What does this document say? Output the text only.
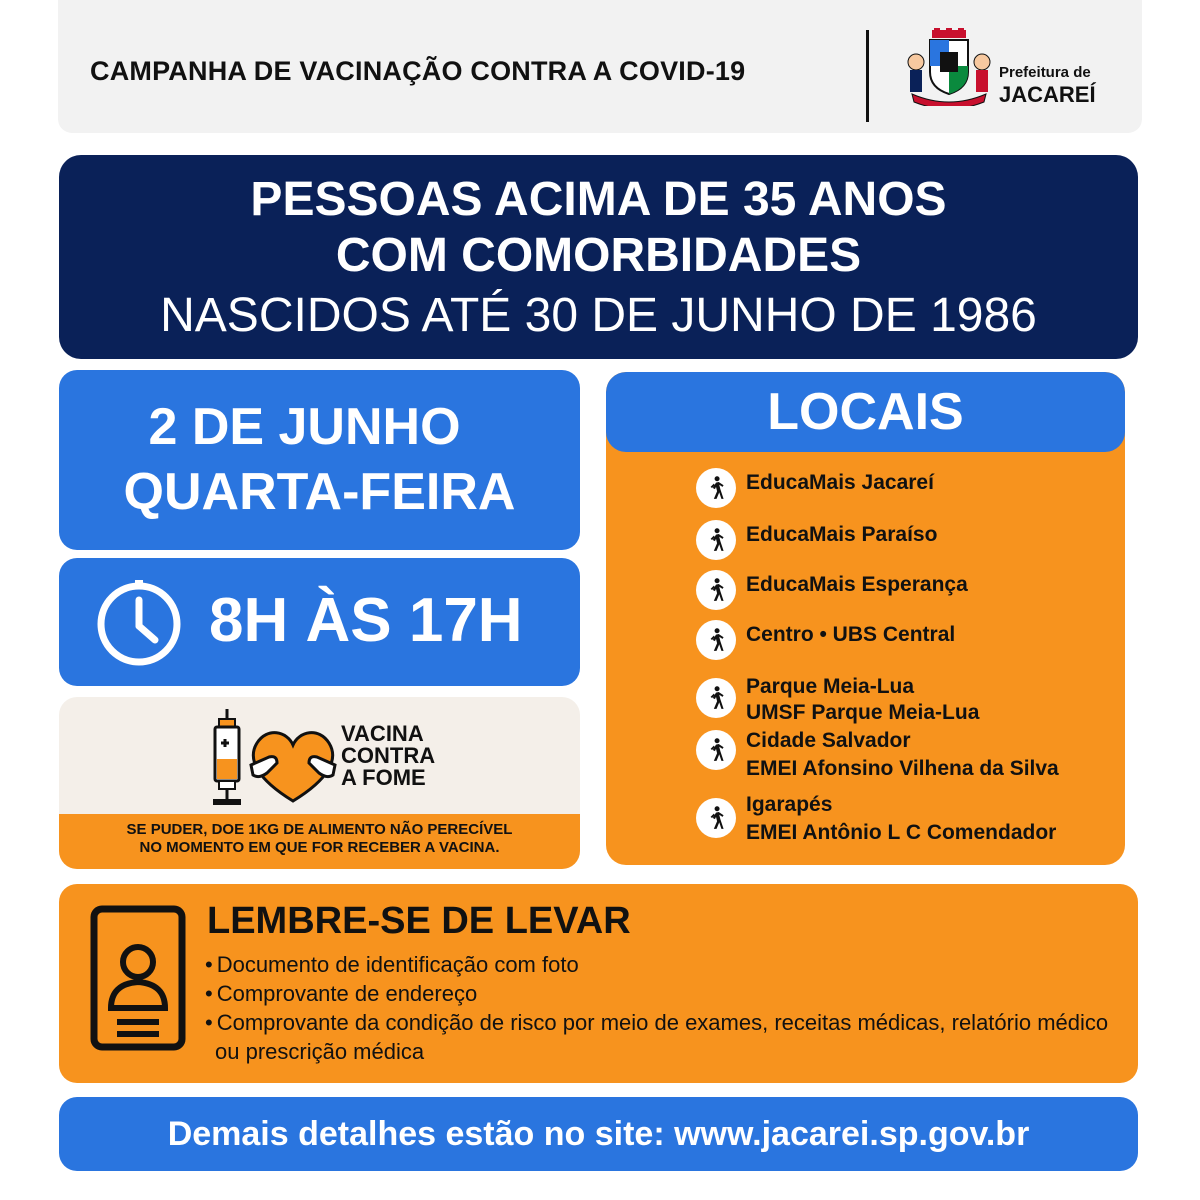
CAMPANHA DE VACINAÇÃO CONTRA A COVID-19	Prefeitura de
JACAREÍ
PESSOAS ACIMA DE 35 ANOS
COM COMORBIDADES
NASCIDOS ATÉ 30 DE JUNHO DE 1986
2 DE JUNHO
QUARTA-FEIRA
8H ÀS 17H
VACINA
CONTRA
A FOME
SE PUDER, DOE 1KG DE ALIMENTO NÃO PERECÍVEL
NO MOMENTO EM QUE FOR RECEBER A VACINA.
LOCAIS
EducaMais Jacareí
EducaMais Paraíso
EducaMais Esperança
Centro • UBS Central
Parque Meia-Lua
UMSF Parque Meia-Lua
Cidade Salvador
EMEI Afonsino Vilhena da Silva
Igarapés
EMEI Antônio L C Comendador
LEMBRE-SE DE LEVAR
• Documento de identificação com foto
• Comprovante de endereço
• Comprovante da condição de risco por meio de exames, receitas médicas, relatório médico ou prescrição médica
Demais detalhes estão no site: www.jacarei.sp.gov.br
